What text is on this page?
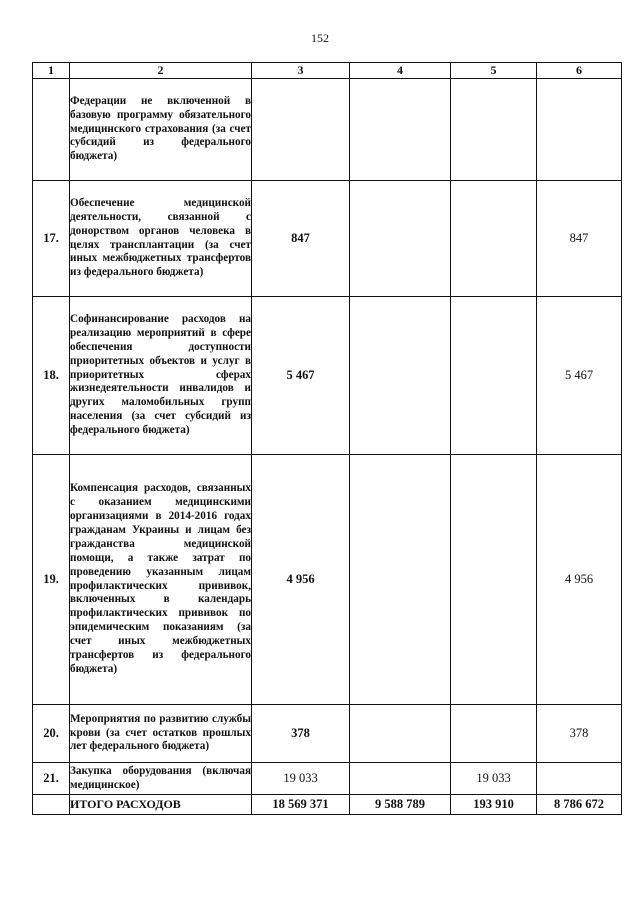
152
1	2	3	4	5	6
	Федерации не включенной в базовую программу обязательного медицинского страхования (за счет субсидий из федерального бюджета)				
17.	Обеспечение медицинской деятельности, связанной с донорством органов человека в целях трансплантации (за счет иных межбюджетных трансфертов из федерального бюджета)	847			847
18.	Софинансирование расходов на реализацию мероприятий в сфере обеспечения доступности приоритетных объектов и услуг в приоритетных сферах жизнедеятельности инвалидов и других маломобильных групп населения (за счет субсидий из федерального бюджета)	5 467			5 467
19.	Компенсация расходов, связанных с оказанием медицинскими организациями в 2014-2016 годах гражданам Украины и лицам без гражданства медицинской помощи, а также затрат по проведению указанным лицам профилактических прививок, включенных в календарь профилактических прививок по эпидемическим показаниям (за счет иных межбюджетных трансфертов из федерального бюджета)	4 956			4 956
20.	Мероприятия по развитию службы крови (за счет остатков прошлых лет федерального бюджета)	378			378
21.	Закупка оборудования (включая медицинское)	19 033		19 033	
	ИТОГО РАСХОДОВ	18 569 371	9 588 789	193 910	8 786 672
